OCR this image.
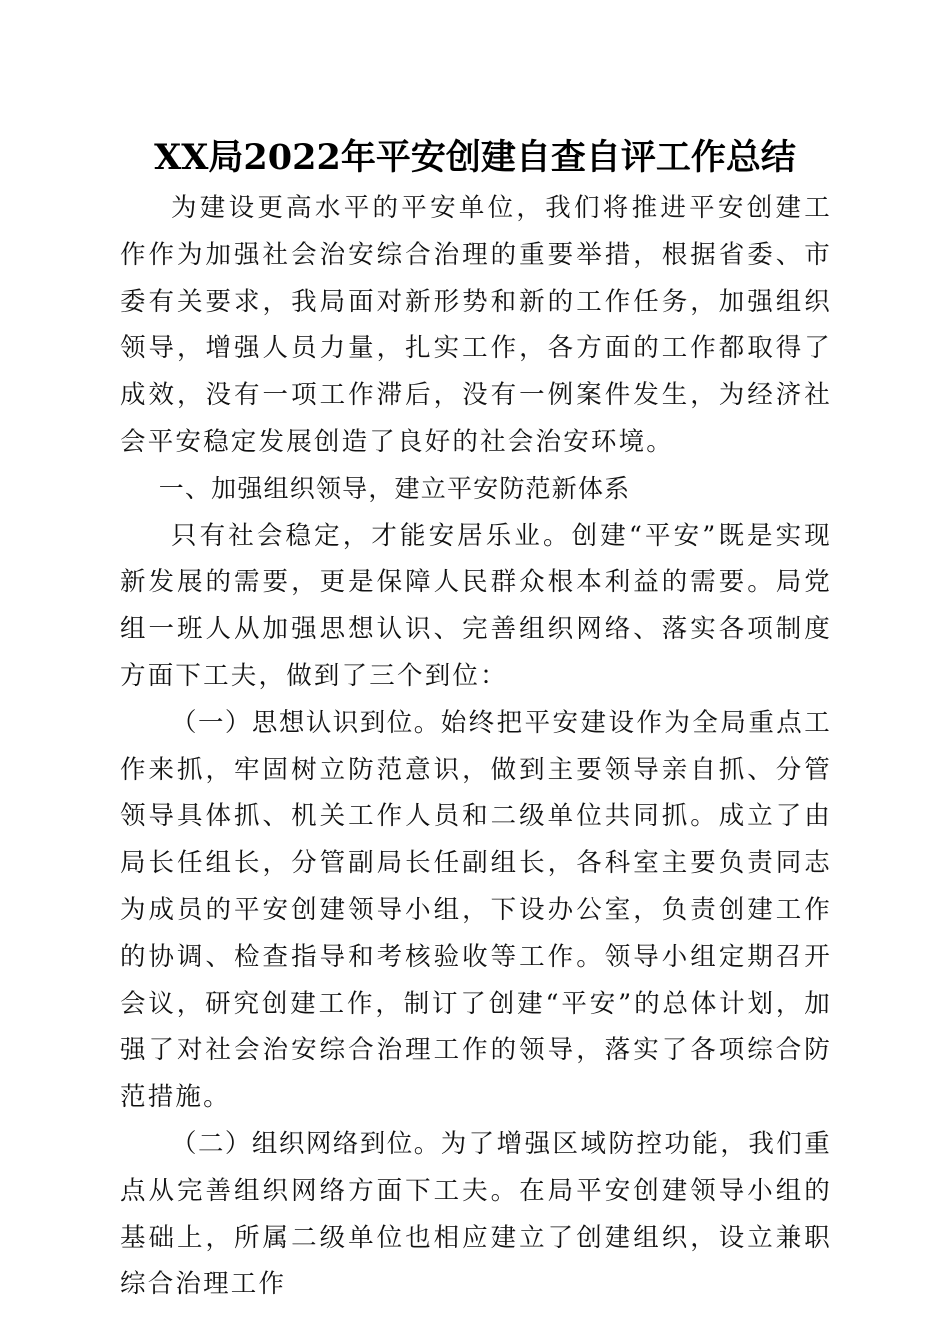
XX局2022年平安创建自查自评工作总结

为建设更高水平的平安单位，我们将推进平安创建工作作为加强社会治安综合治理的重要举措，根据省委、市委有关要求，我局面对新形势和新的工作任务，加强组织领导，增强人员力量，扎实工作，各方面的工作都取得了成效，没有一项工作滞后，没有一例案件发生，为经济社会平安稳定发展创造了良好的社会治安环境。

一、加强组织领导，建立平安防范新体系

只有社会稳定，才能安居乐业。创建“平安”既是实现新发展的需要，更是保障人民群众根本利益的需要。局党组一班人从加强思想认识、完善组织网络、落实各项制度方面下工夫，做到了三个到位：

（一）思想认识到位。始终把平安建设作为全局重点工作来抓，牢固树立防范意识，做到主要领导亲自抓、分管领导具体抓、机关工作人员和二级单位共同抓。成立了由局长任组长，分管副局长任副组长，各科室主要负责同志为成员的平安创建领导小组，下设办公室，负责创建工作的协调、检查指导和考核验收等工作。领导小组定期召开会议，研究创建工作，制订了创建“平安”的总体计划，加强了对社会治安综合治理工作的领导，落实了各项综合防范措施。

（二）组织网络到位。为了增强区域防控功能，我们重点从完善组织网络方面下工夫。在局平安创建领导小组的基础上，所属二级单位也相应建立了创建组织，设立兼职综合治理工作
